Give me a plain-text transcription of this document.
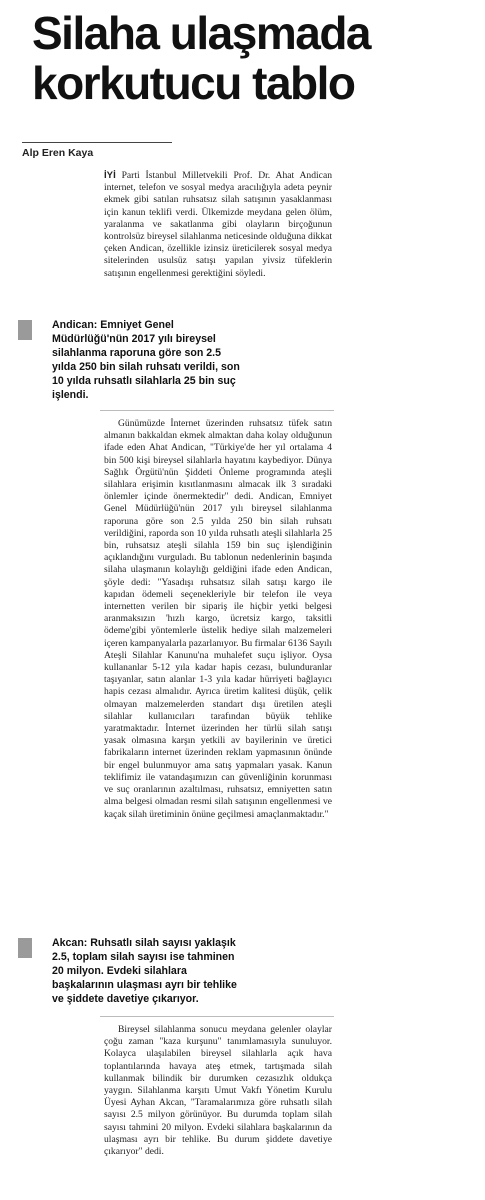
Silaha ulaşmada korkutucu tablo
Alp Eren Kaya

İYİ Parti İstanbul Milletvekili Prof. Dr. Ahat Andican internet, telefon ve sosyal medya aracılığıyla adeta peynir ekmek gibi satılan ruhsatsız silah satışının yasaklanması için kanun teklifi verdi. Ülkemizde meydana gelen ölüm, yaralanma ve sakatlanma gibi olayların birçoğunun kontrolsüz bireysel silahlanma neticesinde olduğuna dikkat çeken Andican, özellikle izinsiz üreticilerek sosyal medya sitelerinden usulsüz satışı yapılan yivsiz tüfeklerin satışının engellenmesi gerektiğini söyledi.

Andican: Emniyet Genel Müdürlüğü'nün 2017 yılı bireysel silahlanma raporuna göre son 2.5 yılda 250 bin silah ruhsatı verildi, son 10 yılda ruhsatlı silahlarla 25 bin suç işlendi.

Günümüzde İnternet üzerinden ruhsatsız tüfek satın almanın bakkaldan ekmek almaktan daha kolay olduğunun ifade eden Ahat Andican, "Türkiye'de her yıl ortalama 4 bin 500 kişi bireysel silahlarla hayatını kaybediyor. Dünya Sağlık Örgütü'nün Şiddeti Önleme programında ateşli silahlara erişimin kısıtlanmasını almacak ilk 3 sıradaki önlemler içinde önermektedir" dedi. Andican, Emniyet Genel Müdürlüğü'nün 2017 yılı bireysel silahlanma raporuna göre son 2.5 yılda 250 bin silah ruhsatı verildiğini, raporda son 10 yılda ruhsatlı ateşli silahlarla 25 bin, ruhsatsız ateşli silahla 159 bin suç işlendiğinin açıklandığını vurguladı. Bu tablonun nedenlerinin başında silaha ulaşmanın kolaylığı geldiğini ifade eden Andican, şöyle dedi: "Yasadışı ruhsatsız silah satışı kargo ile kapıdan ödemeli seçenekleriyle bir telefon ile veya internetten verilen bir sipariş ile hiçbir yetki belgesi aranmaksızın 'hızlı kargo, ücretsiz kargo, taksitli ödeme'gibi yöntemlerle üstelik hediye silah malzemeleri içeren kampanyalarla pazarlanıyor. Bu firmalar 6136 Sayılı Ateşli Silahlar Kanunu'na muhalefet suçu işliyor. Oysa kullananlar 5-12 yıla kadar hapis cezası, bulunduranlar taşıyanlar, satın alanlar 1-3 yıla kadar hürriyeti bağlayıcı hapis cezası almalıdır. Ayrıca üretim kalitesi düşük, çelik olmayan malzemelerden standart dışı üretilen ateşli silahlar kullanıcıları tarafından büyük tehlike yaratmaktadır. İnternet üzerinden her türlü silah satışı yasak olmasına karşın yetkili av bayilerinin ve üretici fabrikaların internet üzerinden reklam yapmasının önünde bir engel bulunmuyor ama satış yapmaları yasak. Kanun teklifimiz ile vatandaşımızın can güvenliğinin korunması ve suç oranlarının azaltılması, ruhsatsız, emniyetten satın alma belgesi olmadan resmi silah satışının engellenmesi ve kaçak silah üretiminin önüne geçilmesi amaçlanmaktadır."

Akcan: Ruhsatlı silah sayısı yaklaşık 2.5, toplam silah sayısı ise tahminen 20 milyon. Evdeki silahlara başkalarının ulaşması ayrı bir tehlike ve şiddete davetiye çıkarıyor.

Bireysel silahlanma sonucu meydana gelenler olaylar çoğu zaman "kaza kurşunu" tanımlamasıyla sunuluyor. Kolayca ulaşılabilen bireysel silahlarla açık hava toplantılarında havaya ateş etmek, tartışmada silah kullanmak bilindik bir durumken cezasızlık oldukça yaygın. Silahlanma karşıtı Umut Vakfı Yönetim Kurulu Üyesi Ayhan Akcan, "Taramalarımıza göre ruhsatlı silah sayısı 2.5 milyon görünüyor. Bu durumda toplam silah sayısı tahmini 20 milyon. Evdeki silahlara başkalarının da ulaşması ayrı bir tehlike. Bu durum şiddete davetiye çıkarıyor" dedi.
